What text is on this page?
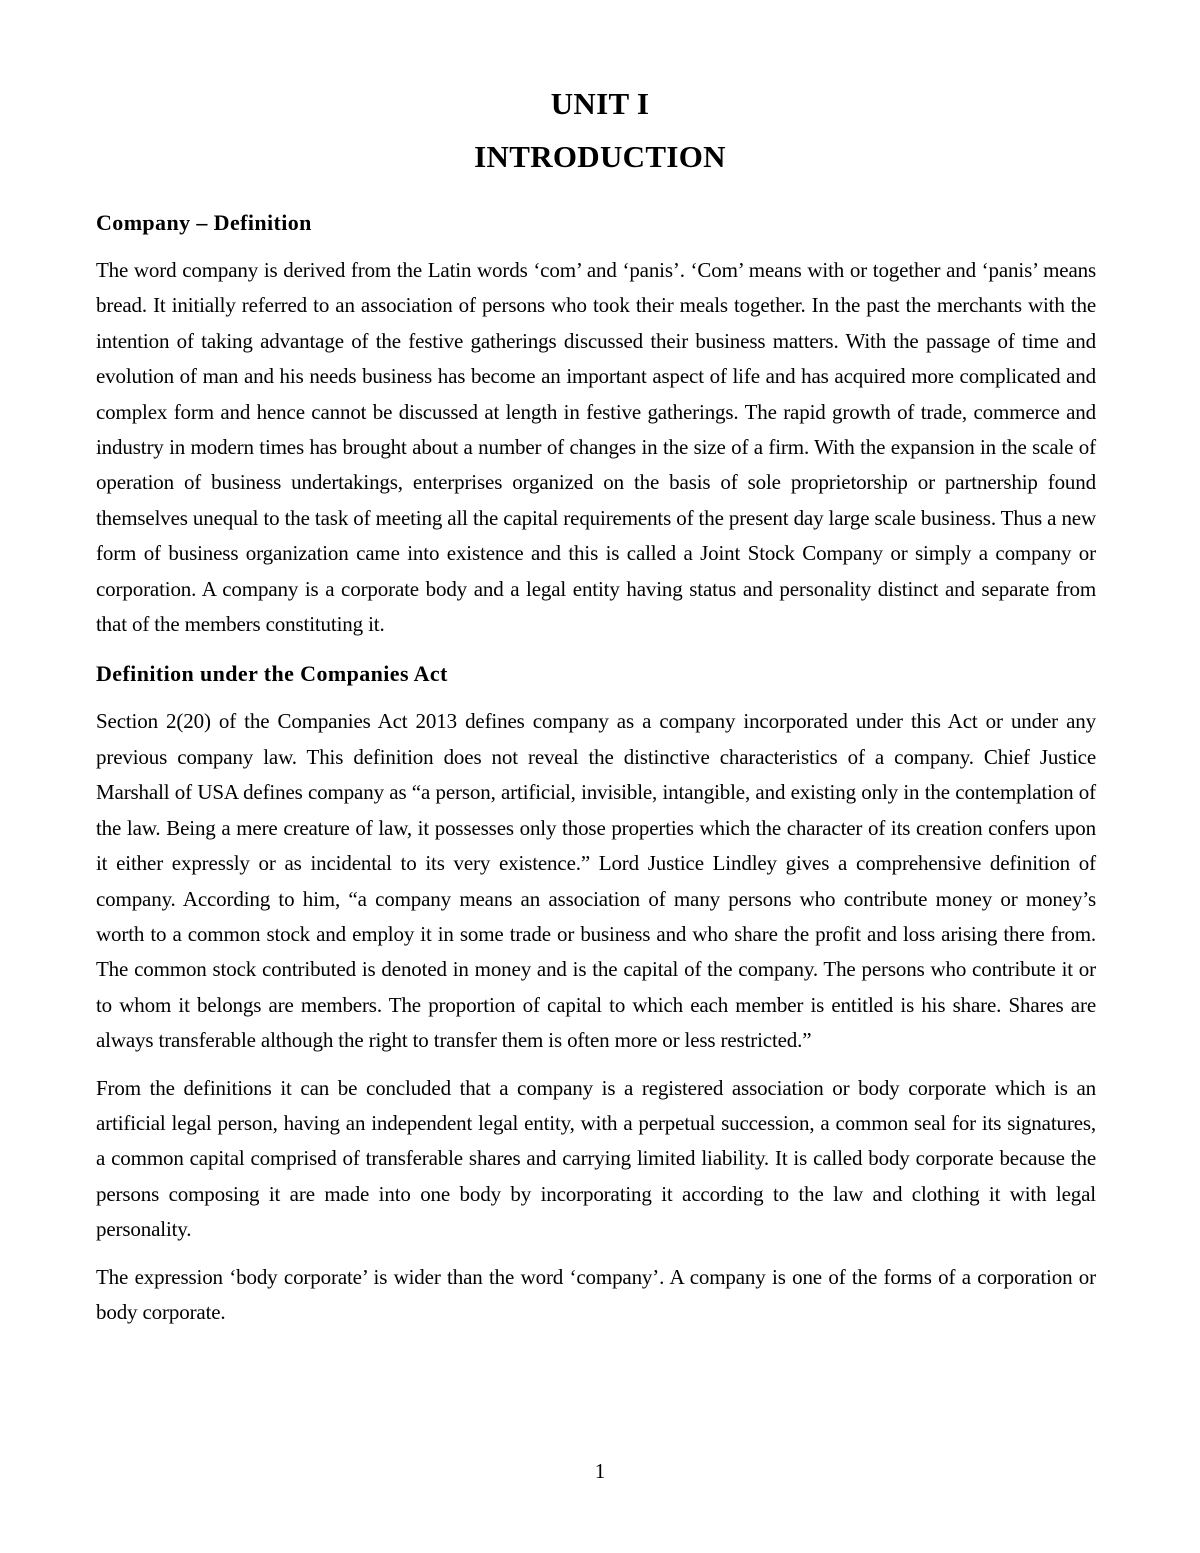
UNIT I
INTRODUCTION
Company – Definition

The word company is derived from the Latin words ‘com’ and ‘panis’. ‘Com’ means with or together and ‘panis’ means bread. It initially referred to an association of persons who took their meals together. In the past the merchants with the intention of taking advantage of the festive gatherings discussed their business matters. With the passage of time and evolution of man and his needs business has become an important aspect of life and has acquired more complicated and complex form and hence cannot be discussed at length in festive gatherings. The rapid growth of trade, commerce and industry in modern times has brought about a number of changes in the size of a firm. With the expansion in the scale of operation of business undertakings, enterprises organized on the basis of sole proprietorship or partnership found themselves unequal to the task of meeting all the capital requirements of the present day large scale business. Thus a new form of business organization came into existence and this is called a Joint Stock Company or simply a company or corporation. A company is a corporate body and a legal entity having status and personality distinct and separate from that of the members constituting it.

Definition under the Companies Act

Section 2(20) of the Companies Act 2013 defines company as a company incorporated under this Act or under any previous company law. This definition does not reveal the distinctive characteristics of a company. Chief Justice Marshall of USA defines company as “a person, artificial, invisible, intangible, and existing only in the contemplation of the law. Being a mere creature of law, it possesses only those properties which the character of its creation confers upon it either expressly or as incidental to its very existence.” Lord Justice Lindley gives a comprehensive definition of company. According to him, “a company means an association of many persons who contribute money or money’s worth to a common stock and employ it in some trade or business and who share the profit and loss arising there from. The common stock contributed is denoted in money and is the capital of the company. The persons who contribute it or to whom it belongs are members. The proportion of capital to which each member is entitled is his share. Shares are always transferable although the right to transfer them is often more or less restricted.”

From the definitions it can be concluded that a company is a registered association or body corporate which is an artificial legal person, having an independent legal entity, with a perpetual succession, a common seal for its signatures, a common capital comprised of transferable shares and carrying limited liability. It is called body corporate because the persons composing it are made into one body by incorporating it according to the law and clothing it with legal personality.

The expression ‘body corporate’ is wider than the word ‘company’. A company is one of the forms of a corporation or body corporate.

1
